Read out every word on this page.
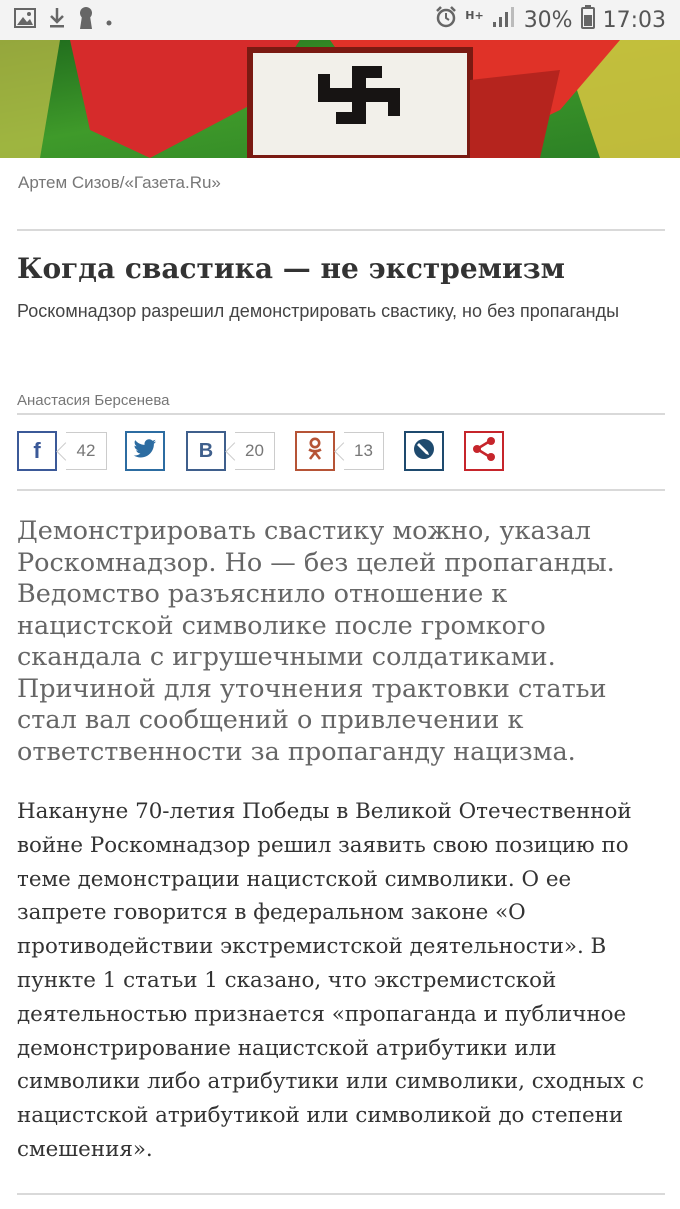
H+ 30% 17:03
Артем Сизов/«Газета.Ru»
Когда свастика — не экстремизм
Роскомнадзор разрешил демонстрировать свастику, но без пропаганды
Анастасия Берсенева
f 42	В 20	13

Демонстрировать свастику можно, указал Роскомнадзор. Но — без целей пропаганды. Ведомство разъяснило отношение к нацистской символике после громкого скандала с игрушечными солдатиками. Причиной для уточнения трактовки статьи стал вал сообщений о привлечении к ответственности за пропаганду нацизма.

Накануне 70-летия Победы в Великой Отечественной войне Роскомнадзор решил заявить свою позицию по теме демонстрации нацистской символики. О ее запрете говорится в федеральном законе «О противодействии экстремистской деятельности». В пункте 1 статьи 1 сказано, что экстремистской деятельностью признается «пропаганда и публичное демонстрирование нацистской атрибутики или символики либо атрибутики или символики, сходных с нацистской атрибутикой или символикой до степени смешения».
